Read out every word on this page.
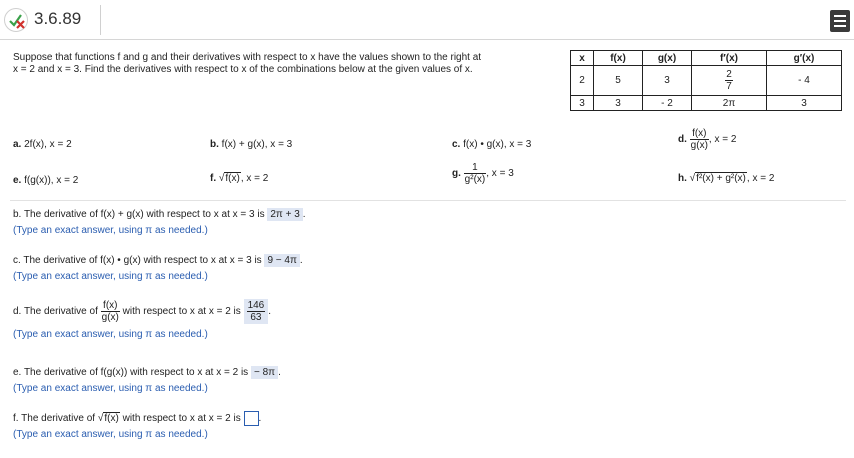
3.6.89
Suppose that functions f and g and their derivatives with respect to x have the values shown to the right at
x = 2 and x = 3. Find the derivatives with respect to x of the combinations below at the given values of x.
x	f(x)	g(x)	f′(x)	g′(x)
2	5	3	$\frac{2}{7}$	- 4
3	3	- 2	2π	3
a. 2f(x), x = 2	b. f(x) + g(x), x = 3	c. f(x) • g(x), x = 3	d. $\frac{f(x)}{g(x)}$ , x = 2
e. f(g(x)), x = 2	f. √f(x), x = 2	g. $\frac{1}{\text{g²(x)}}$ , x = 3	h. √f²(x) + g²(x), x = 2
b. The derivative of f(x) + g(x) with respect to x at x = 3 is 2π + 3 .
(Type an exact answer, using π as needed.)
c. The derivative of f(x) • g(x) with respect to x at x = 3 is 9 − 4π .
(Type an exact answer, using π as needed.)
d. The derivative of $\frac{f(x)}{g(x)}$ with respect to x at x = 2 is $\frac{146}{63}$ .
(Type an exact answer, using π as needed.)
e. The derivative of f(g(x)) with respect to x at x = 2 is − 8π .
(Type an exact answer, using π as needed.)
f. The derivative of √f(x) with respect to x at x = 2 is .
(Type an exact answer, using π as needed.)
